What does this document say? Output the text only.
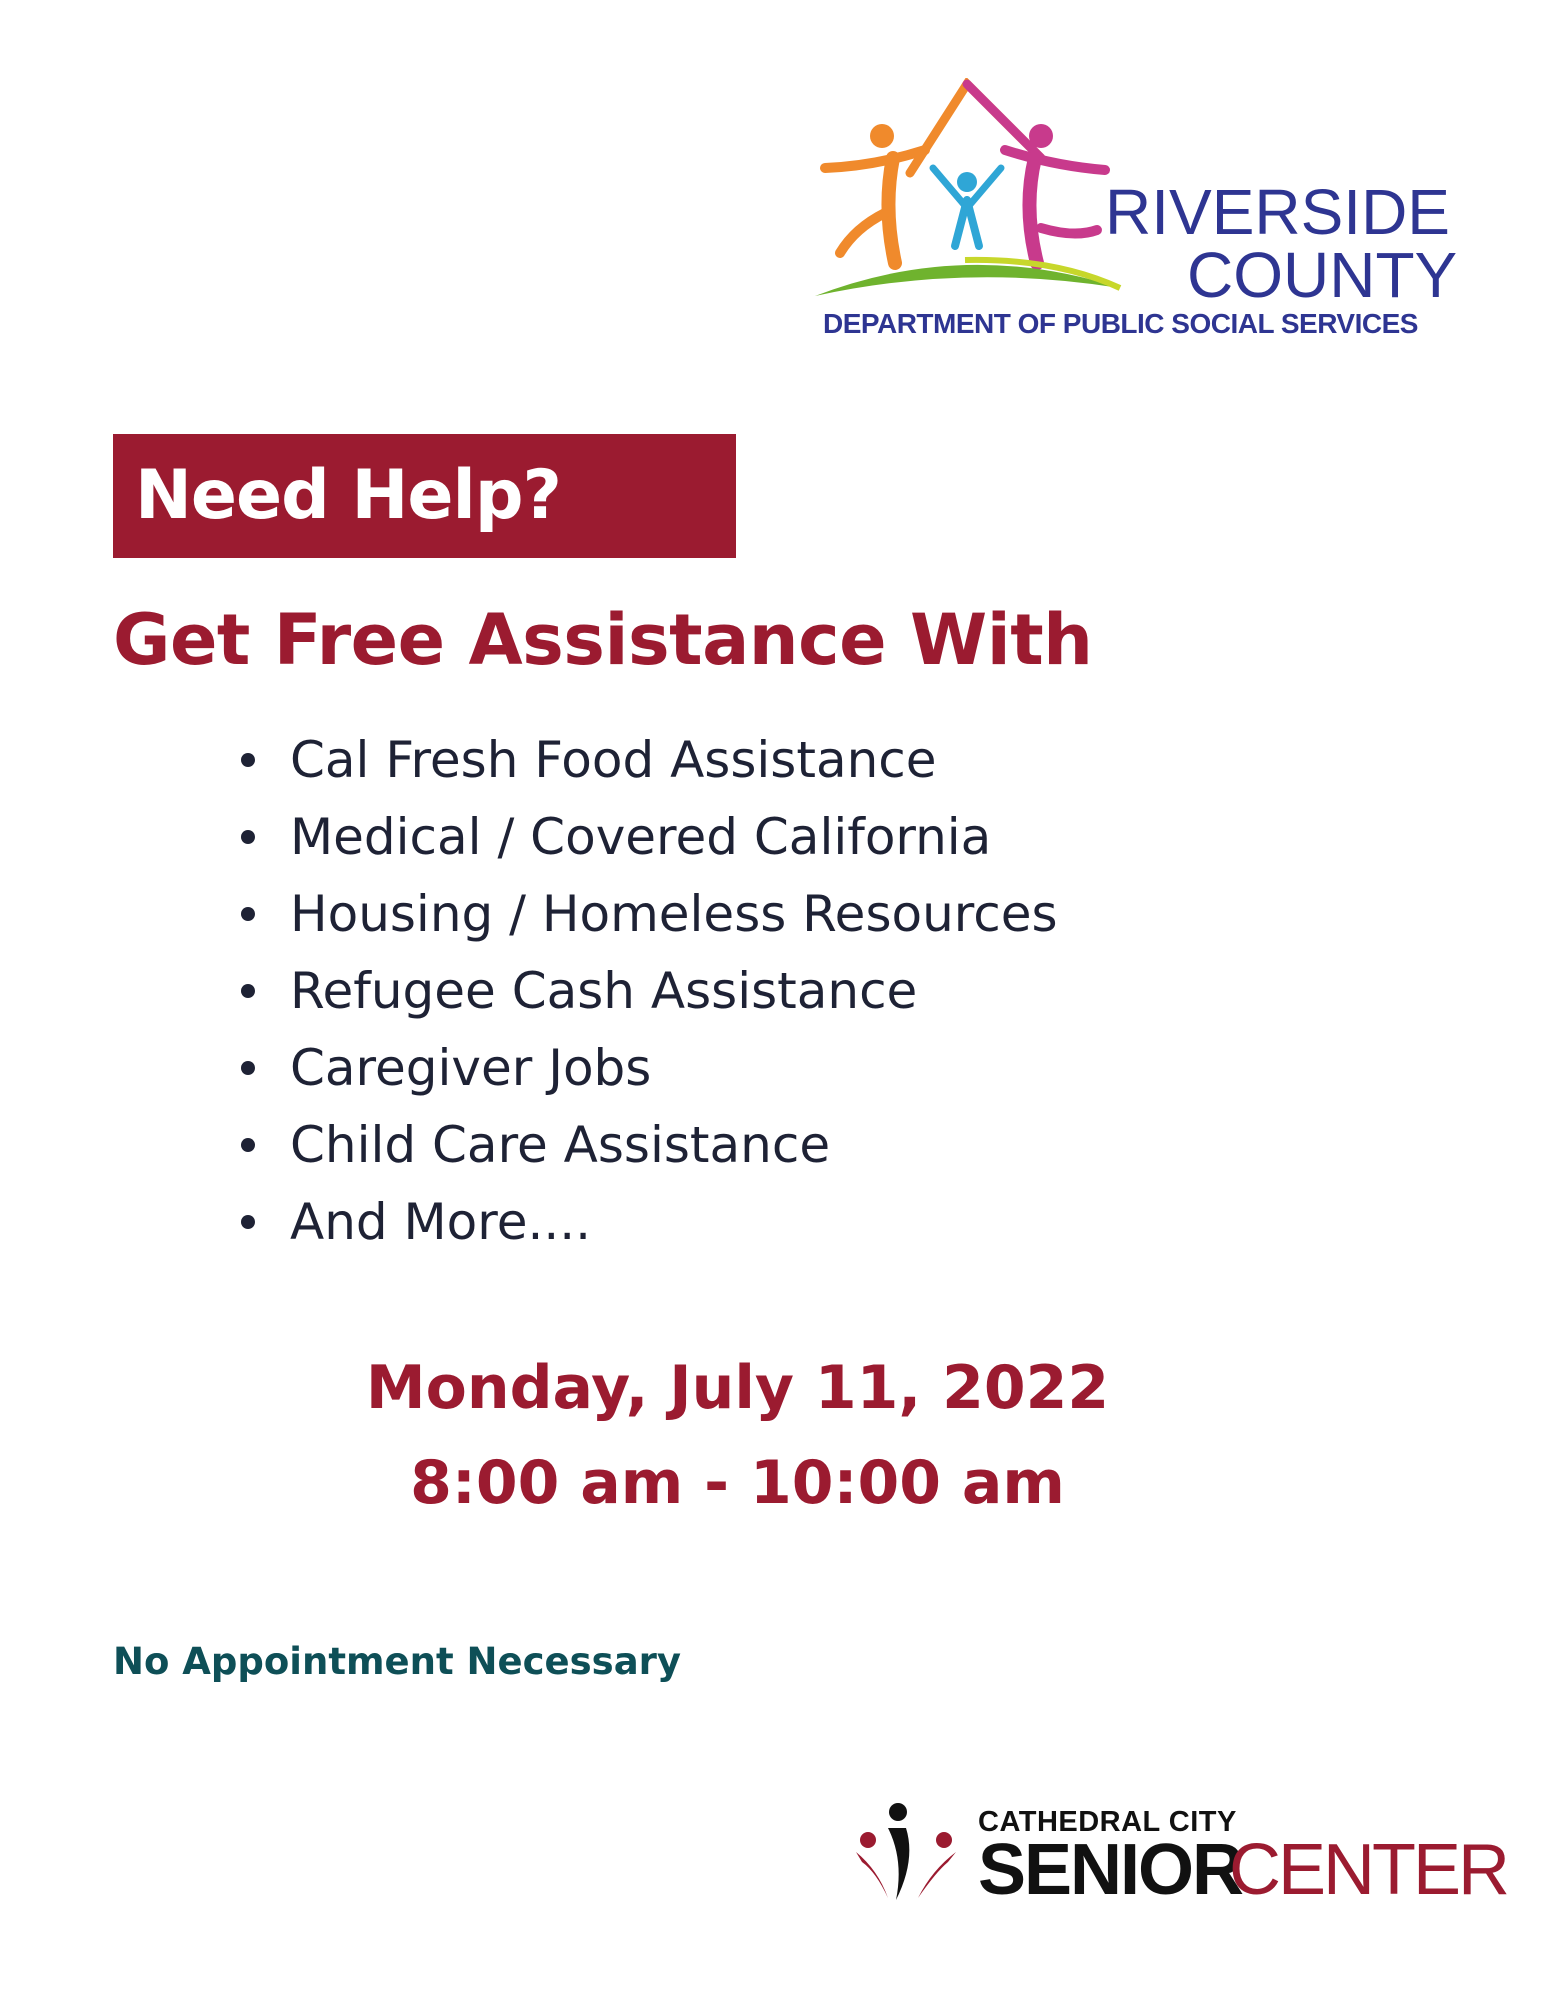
RIVERSIDE
COUNTY
DEPARTMENT OF PUBLIC SOCIAL SERVICES
Need Help?
Get Free Assistance With
Cal Fresh Food Assistance
Medical / Covered California
Housing / Homeless Resources
Refugee Cash Assistance
Caregiver Jobs
Child Care Assistance
And More....
Monday, July 11, 2022
8:00 am - 10:00 am
No Appointment Necessary
CATHEDRAL CITY
SENIOR
CENTER
